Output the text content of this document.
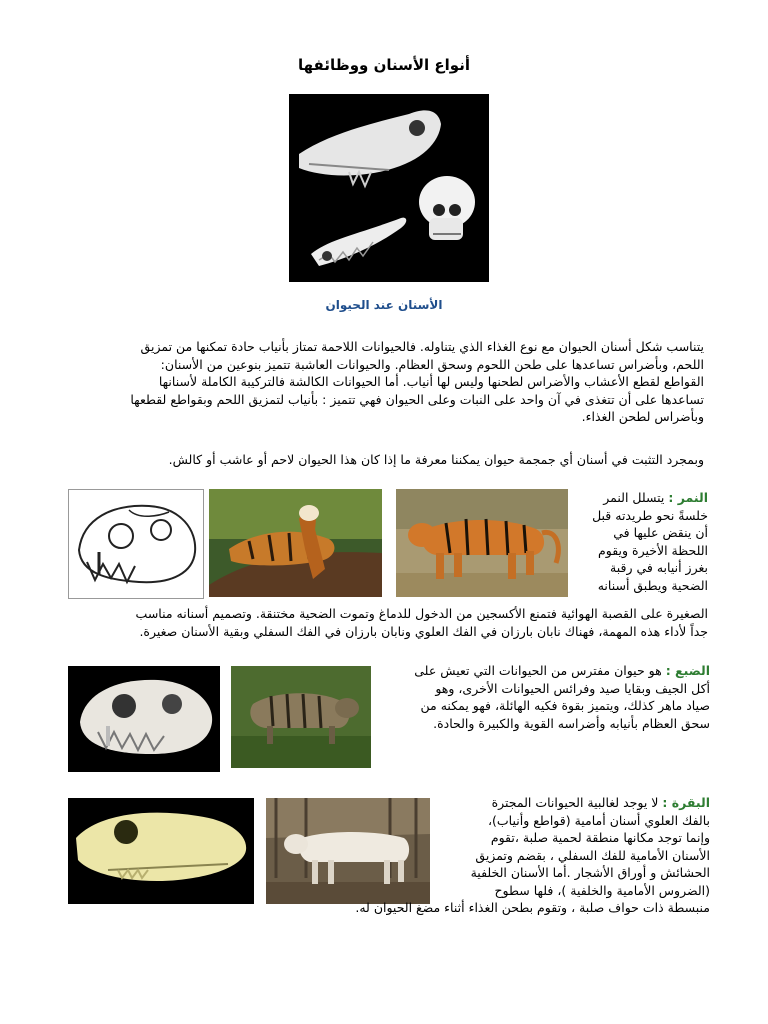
أنواع الأسنان ووظائفها
الأسنان عند الحيوان

يتناسب شكل أسنان الحيوان مع نوع الغذاء الذي يتناوله. فالحيوانات اللاحمة تمتاز بأنياب حادة تمكنها من تمزيق

اللحم، وبأضراس تساعدها على طحن اللحوم وسحق العظام. والحيوانات العاشبة تتميز بنوعين من الأسنان:

القواطع لقطع الأعشاب والأضراس لطحنها وليس لها أنياب. أما الحيوانات الكالشة فالتركيبة الكاملة لأسنانها

تساعدها على أن تتغذى في آن واحد على النبات وعلى الحيوان فهي تتميز : بأنياب لتمزيق اللحم وبقواطع لقطعها

وبأضراس لطحن الغذاء.

وبمجرد التثبت في أسنان أي جمجمة حيوان يمكننا معرفة ما إذا كان هذا الحيوان لاحم أو عاشب أو كالش.

النمر : يتسلل النمر

خلسةً نحو طريدته قبل

أن ينقض عليها في

اللحظة الأخيرة ويقوم

بغرز أنيابه في رقبة

الضحية ويطبق أسنانه

الصغيرة على القصبة الهوائية فتمنع الأكسجين من الدخول للدماغ وتموت الضحية مختنقة. وتصميم أسنانه مناسب

جداً لأداء هذه المهمة، فهناك نابان بارزان في الفك العلوي ونابان بارزان في الفك السفلي وبقية الأسنان صغيرة.

الضبع : هو حيوان مفترس من الحيوانات التي تعيش على

أكل الجيف وبقايا صيد وفرائس الحيوانات الأخرى، وهو

صياد ماهر كذلك، ويتميز بقوة فكيه الهائلة، فهو يمكنه من

سحق العظام بأنيابه وأضراسه القوية والكبيرة والحادة.

البقرة : لا يوجد لغالبية الحيوانات المجترة

بالفك العلوي أسنان أمامية (قواطع وأنياب)،

وإنما توجد مكانها منطقة لحمية صلبة ،تقوم

الأسنان الأمامية للفك السفلي ، بقضم وتمزيق

الحشائش و أوراق الأشجار .أما الأسنان الخلفية

(الضروس الأمامية والخلفية )، فلها سطوح

منبسطة ذات حواف صلبة ، وتقوم بطحن الغذاء أثناء مضغ الحيوان له.
